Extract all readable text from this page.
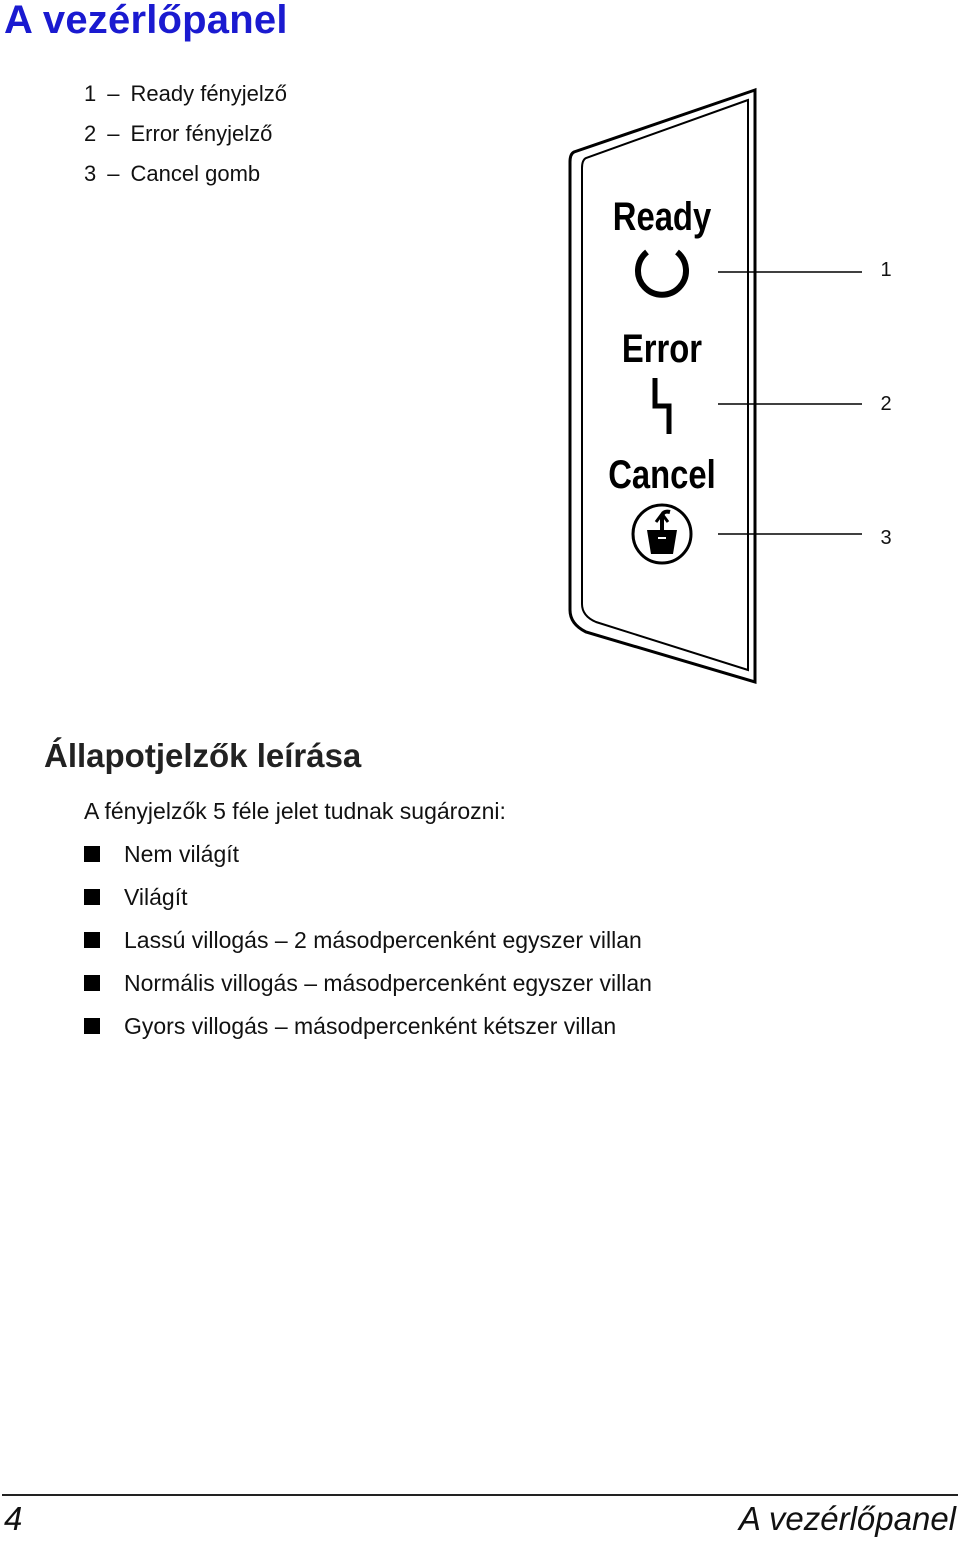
A vezérlőpanel
1 – Ready fényjelző
2 – Error fényjelző
3 – Cancel gomb
Ready
Error
Cancel
1
2
3
Állapotjelzők leírása

A fényjelzők 5 féle jelet tudnak sugározni:

Nem világít
Világít
Lassú villogás – 2 másodpercenként egyszer villan
Normális villogás – másodpercenként egyszer villan
Gyors villogás – másodpercenként kétszer villan
4	A vezérlőpanel
